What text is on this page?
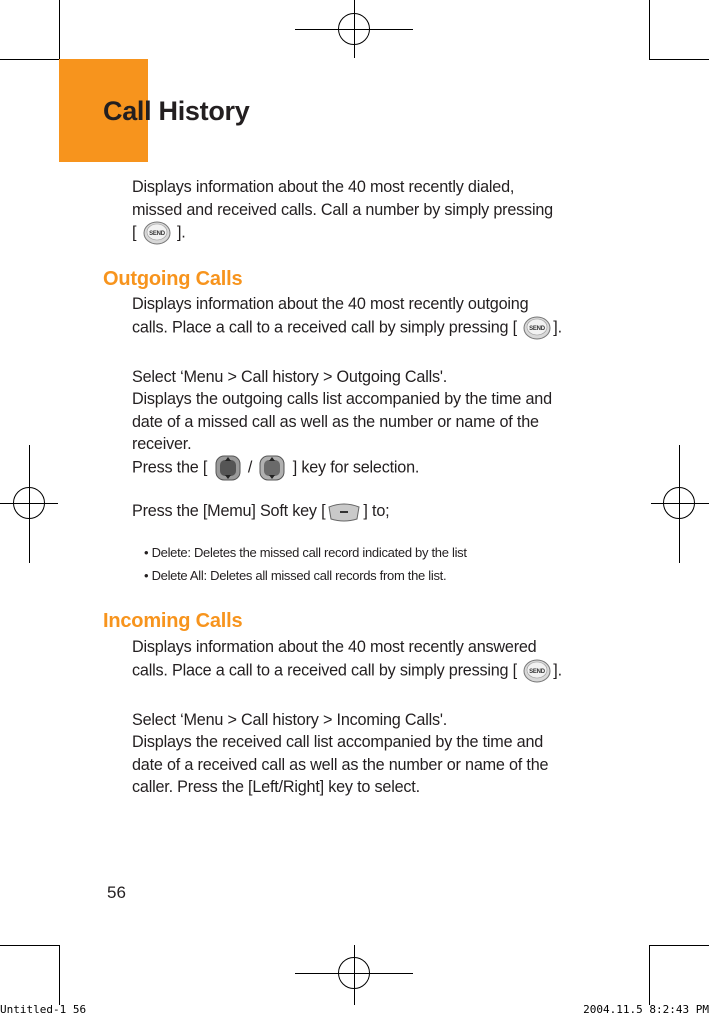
Call History
Displays information about the 40 most recently dialed,
missed and received calls. Call a number by simply pressing
[ SEND ].
Outgoing Calls
Displays information about the 40 most recently outgoing
calls. Place a call to a received call by simply pressing [ SEND ].
Select ‘Menu > Call history > Outgoing Calls'.
Displays the outgoing calls list accompanied by the time and
date of a missed call as well as the number or name of the
receiver.
Press the [	/	] key for selection.
Press the [Memu] Soft key [ ] to;
• Delete: Deletes the missed call record indicated by the list
• Delete All: Deletes all missed call records from the list.
Incoming Calls
Displays information about the 40 most recently answered
calls. Place a call to a received call by simply pressing [ SEND ].
Select ‘Menu > Call history > Incoming Calls'.
Displays the received call list accompanied by the time and
date of a received call as well as the number or name of the
caller. Press the [Left/Right] key to select.
56
Untitled-1 56	2004.11.5 8:2:43 PM
